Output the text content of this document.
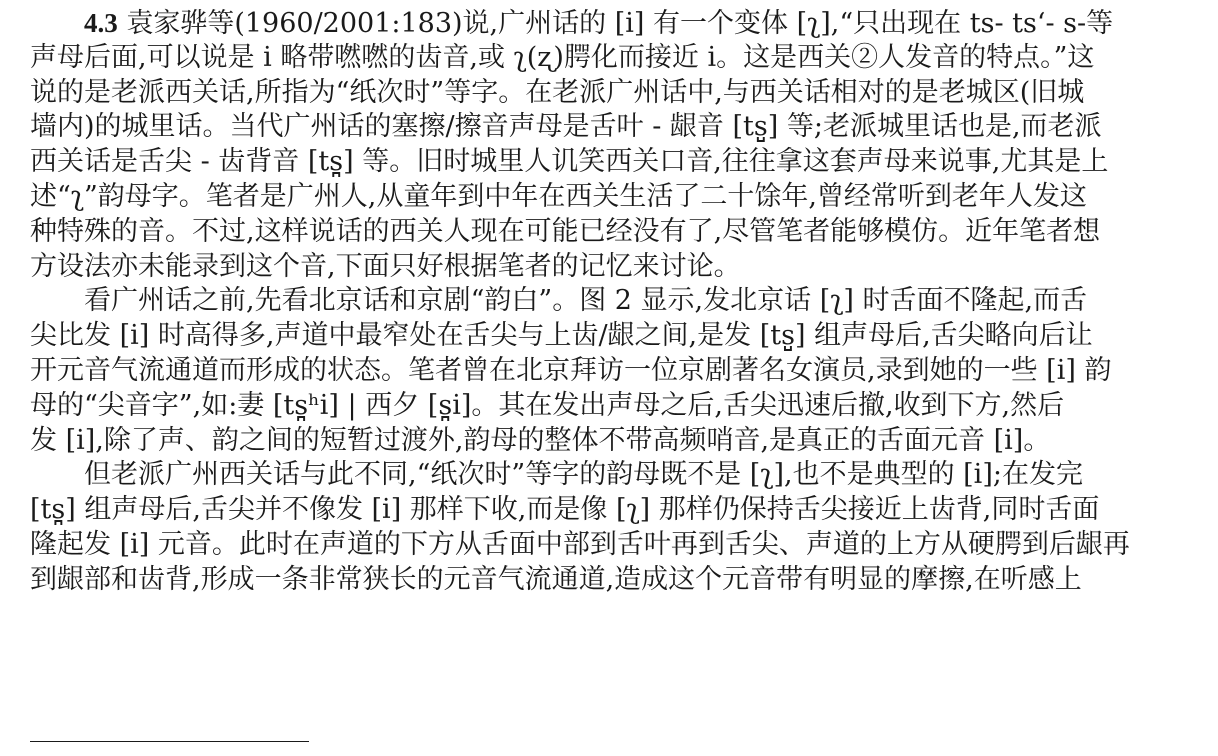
4.3 袁家骅等(1960/2001:183)说,广州话的 [i] 有一个变体 [ʅ],“只出现在 ts- tsʻ- s-等
声母后面,可以说是 i 略带嘫嘫的齿音,或 ʅ(ʐ)腭化而接近 i。这是西关②人发音的特点。”这
说的是老派西关话,所指为“纸次时”等字。在老派广州话中,与西关话相对的是老城区(旧城
墙内)的城里话。当代广州话的塞擦/擦音声母是舌叶 - 龈音 [ts̺] 等;老派城里话也是,而老派
西关话是舌尖 - 齿背音 [ts̪] 等。旧时城里人讥笑西关口音,往往拿这套声母来说事,尤其是上
述“ʅ”韵母字。笔者是广州人,从童年到中年在西关生活了二十馀年,曾经常听到老年人发这
种特殊的音。不过,这样说话的西关人现在可能已经没有了,尽管笔者能够模仿。近年笔者想
方设法亦未能录到这个音,下面只好根据笔者的记忆来讨论。
看广州话之前,先看北京话和京剧“韵白”。图 2 显示,发北京话 [ʅ] 时舌面不隆起,而舌
尖比发 [i] 时高得多,声道中最窄处在舌尖与上齿/龈之间,是发 [ts̺] 组声母后,舌尖略向后让
开元音气流通道而形成的状态。笔者曾在北京拜访一位京剧著名女演员,录到她的一些 [i] 韵
母的“尖音字”,如:妻 [ts̪ʰi] | 西夕 [s̪i]。其在发出声母之后,舌尖迅速后撤,收到下方,然后
发 [i],除了声、韵之间的短暂过渡外,韵母的整体不带高频哨音,是真正的舌面元音 [i]。
但老派广州西关话与此不同,“纸次时”等字的韵母既不是 [ʅ],也不是典型的 [i];在发完
[ts̪] 组声母后,舌尖并不像发 [i] 那样下收,而是像 [ʅ] 那样仍保持舌尖接近上齿背,同时舌面
隆起发 [i] 元音。此时在声道的下方从舌面中部到舌叶再到舌尖、声道的上方从硬腭到后龈再
到龈部和齿背,形成一条非常狭长的元音气流通道,造成这个元音带有明显的摩擦,在听感上
